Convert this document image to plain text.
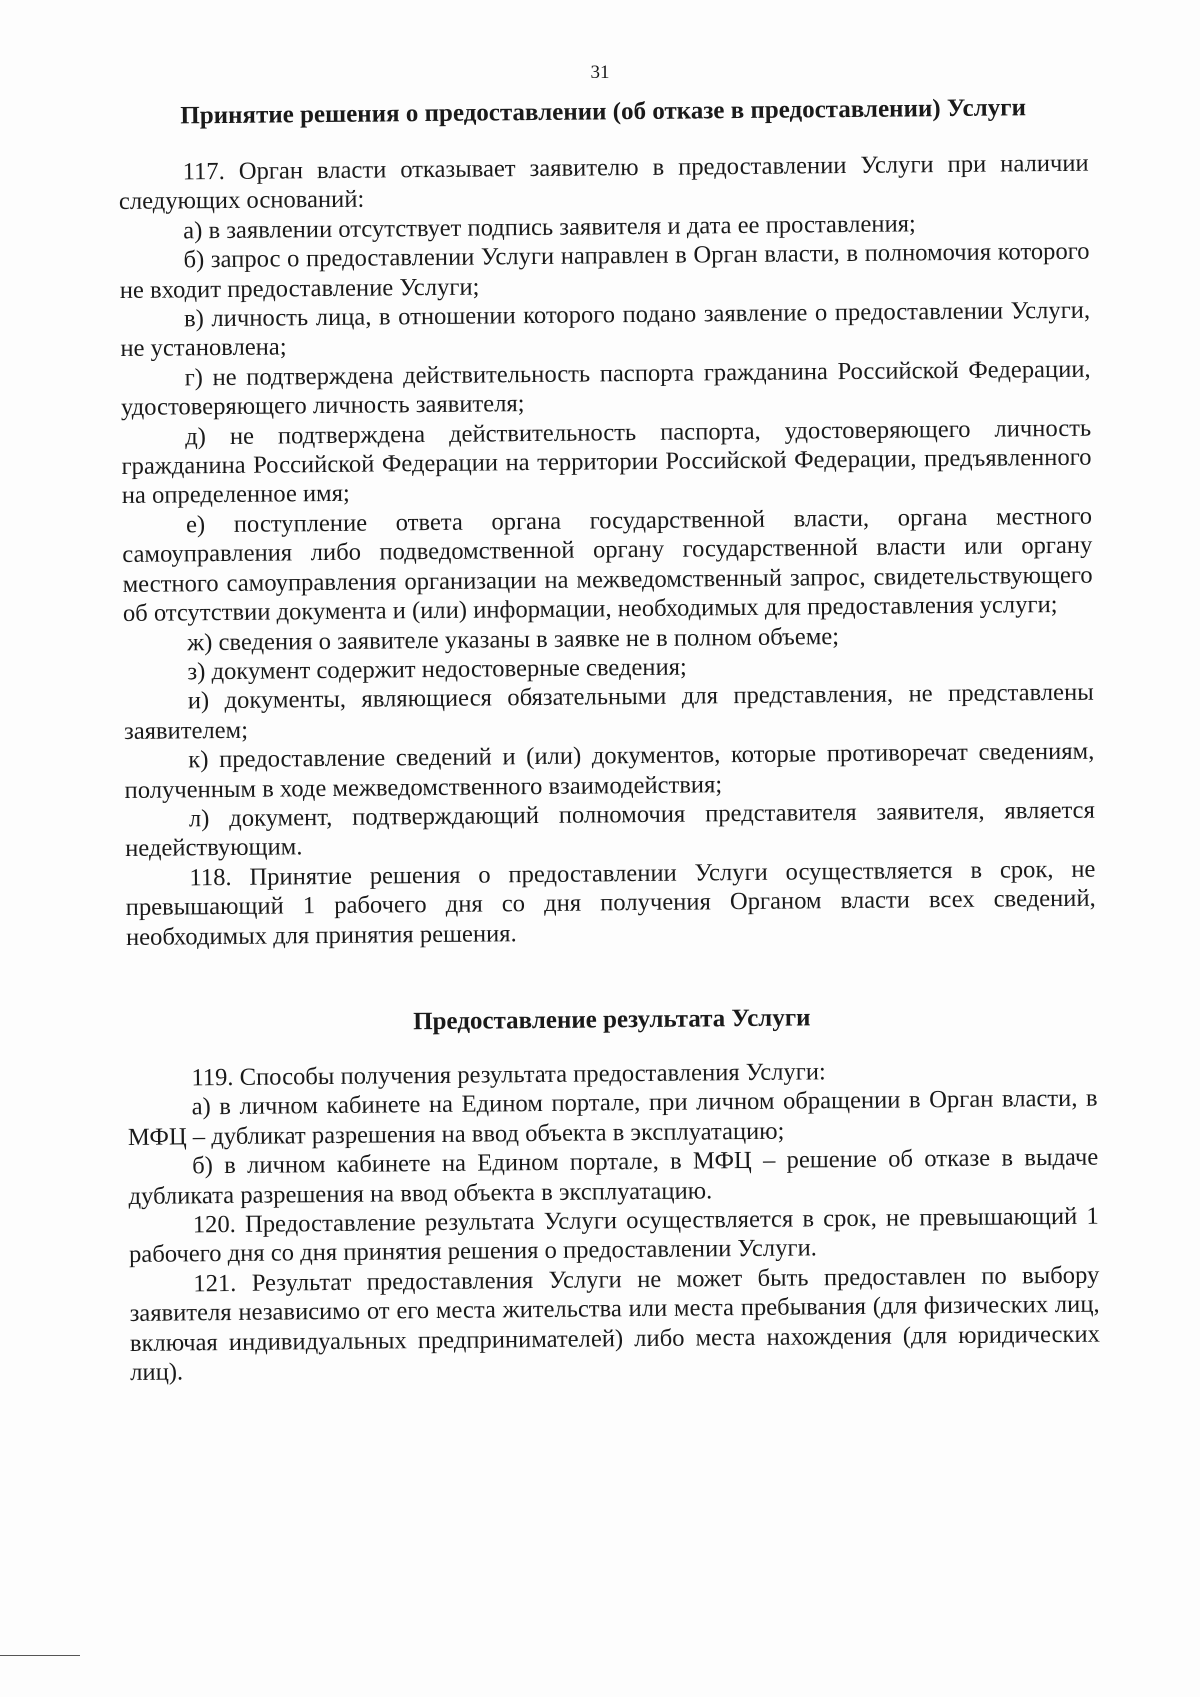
31
Принятие решения о предоставлении (об отказе в предоставлении) Услуги

117. Орган власти отказывает заявителю в предоставлении Услуги при наличии следующих оснований:

а) в заявлении отсутствует подпись заявителя и дата ее проставления;

б) запрос о предоставлении Услуги направлен в Орган власти, в полномочия которого не входит предоставление Услуги;

в) личность лица, в отношении которого подано заявление о предоставлении Услуги, не установлена;

г) не подтверждена действительность паспорта гражданина Российской Федерации, удостоверяющего личность заявителя;

д) не подтверждена действительность паспорта, удостоверяющего личность гражданина Российской Федерации на территории Российской Федерации, предъявленного на определенное имя;

е) поступление ответа органа государственной власти, органа местного самоуправления либо подведомственной органу государственной власти или органу местного самоуправления организации на межведомственный запрос, свидетельствующего об отсутствии документа и (или) информации, необходимых для предоставления услуги;

ж) сведения о заявителе указаны в заявке не в полном объеме;

з) документ содержит недостоверные сведения;

и) документы, являющиеся обязательными для представления, не представлены заявителем;

к) предоставление сведений и (или) документов, которые противоречат сведениям, полученным в ходе межведомственного взаимодействия;

л) документ, подтверждающий полномочия представителя заявителя, является недействующим.

118. Принятие решения о предоставлении Услуги осуществляется в срок, не превышающий 1 рабочего дня со дня получения Органом власти всех сведений, необходимых для принятия решения.

Предоставление результата Услуги

119. Способы получения результата предоставления Услуги:

а) в личном кабинете на Едином портале, при личном обращении в Орган власти, в МФЦ – дубликат разрешения на ввод объекта в эксплуатацию;

б) в личном кабинете на Едином портале, в МФЦ – решение об отказе в выдаче дубликата разрешения на ввод объекта в эксплуатацию.

120. Предоставление результата Услуги осуществляется в срок, не превышающий 1 рабочего дня со дня принятия решения о предоставлении Услуги.

121. Результат предоставления Услуги не может быть предоставлен по выбору заявителя независимо от его места жительства или места пребывания (для физических лиц, включая индивидуальных предпринимателей) либо места нахождения (для юридических лиц).
